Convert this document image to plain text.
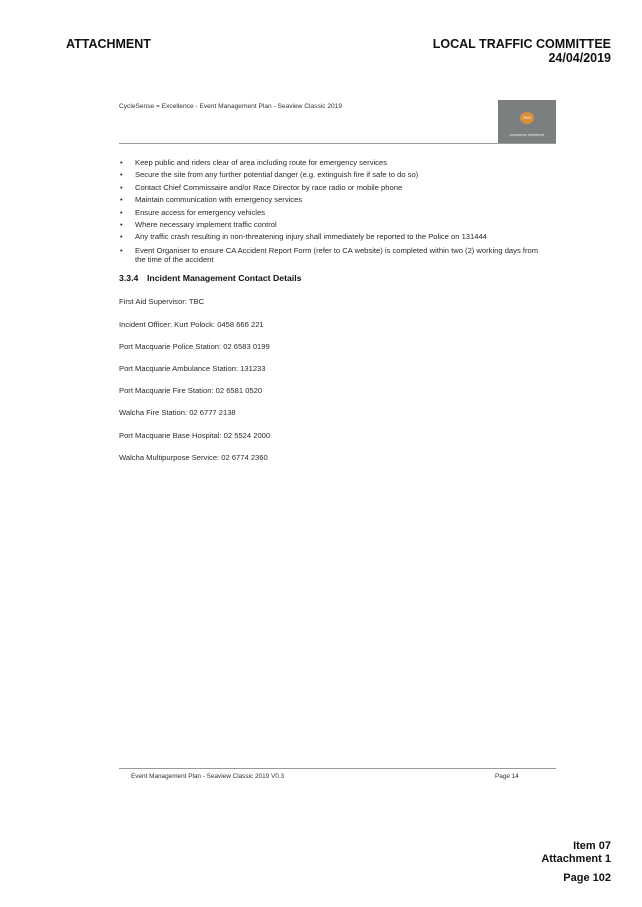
ATTACHMENT	LOCAL TRAFFIC COMMITTEE
24/04/2019
CycleSense = Excellence - Event Management Plan - Seaview Classic 2019
2019
cyclesense excellence
• Keep public and riders clear of area including route for emergency services
• Secure the site from any further potential danger (e.g. extinguish fire if safe to do so)
• Contact Chief Commissaire and/or Race Director by race radio or mobile phone
• Maintain communication with emergency services
• Ensure access for emergency vehicles
• Where necessary implement traffic control
• Any traffic crash resulting in non-threatening injury shall immediately be reported to the Police on 131444
• Event Organiser to ensure CA Accident Report Form (refer to CA website) is completed within two (2) working days from the time of the accident
3.3.4 Incident Management Contact Details
First Aid Supervisor: TBC
Incident Officer: Kurt Polock: 0458 666 221
Port Macquarie Police Station: 02 6583 0199
Port Macquarie Ambulance Station: 131233
Port Macquarie Fire Station: 02 6581 0520
Walcha Fire Station: 02 6777 2138
Port Macquarie Base Hospital: 02 5524 2000
Walcha Multipurpose Service: 02 6774 2360
Event Management Plan - Seaview Classic 2019 V0.3	Page 14
Item 07
Attachment 1
Page 102
